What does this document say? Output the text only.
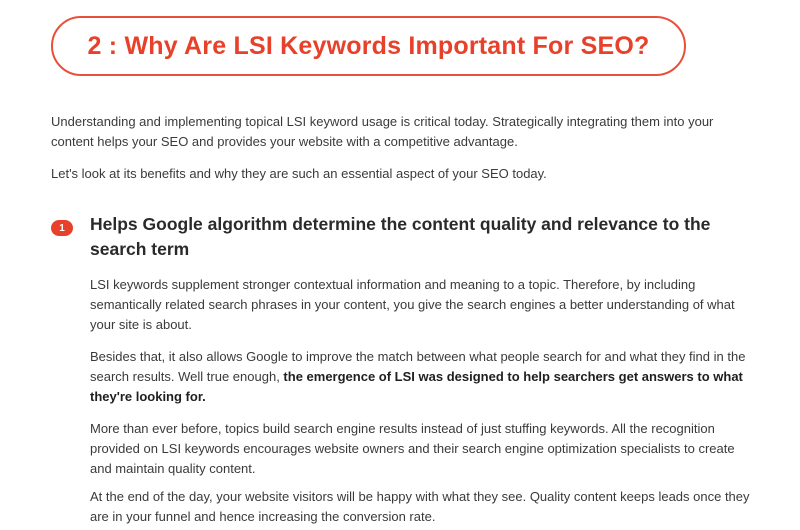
2 : Why Are LSI Keywords Important For SEO?

Understanding and implementing topical LSI keyword usage is critical today. Strategically integrating them into your content helps your SEO and provides your website with a competitive advantage.

Let's look at its benefits and why they are such an essential aspect of your SEO today.

1 Helps Google algorithm determine the content quality and relevance to the search term

LSI keywords supplement stronger contextual information and meaning to a topic. Therefore, by including semantically related search phrases in your content, you give the search engines a better understanding of what your site is about.

Besides that, it also allows Google to improve the match between what people search for and what they find in the search results. Well true enough, the emergence of LSI was designed to help searchers get answers to what they're looking for.

More than ever before, topics build search engine results instead of just stuffing keywords. All the recognition provided on LSI keywords encourages website owners and their search engine optimization specialists to create and maintain quality content.

At the end of the day, your website visitors will be happy with what they see. Quality content keeps leads once they are in your funnel and hence increasing the conversion rate.
